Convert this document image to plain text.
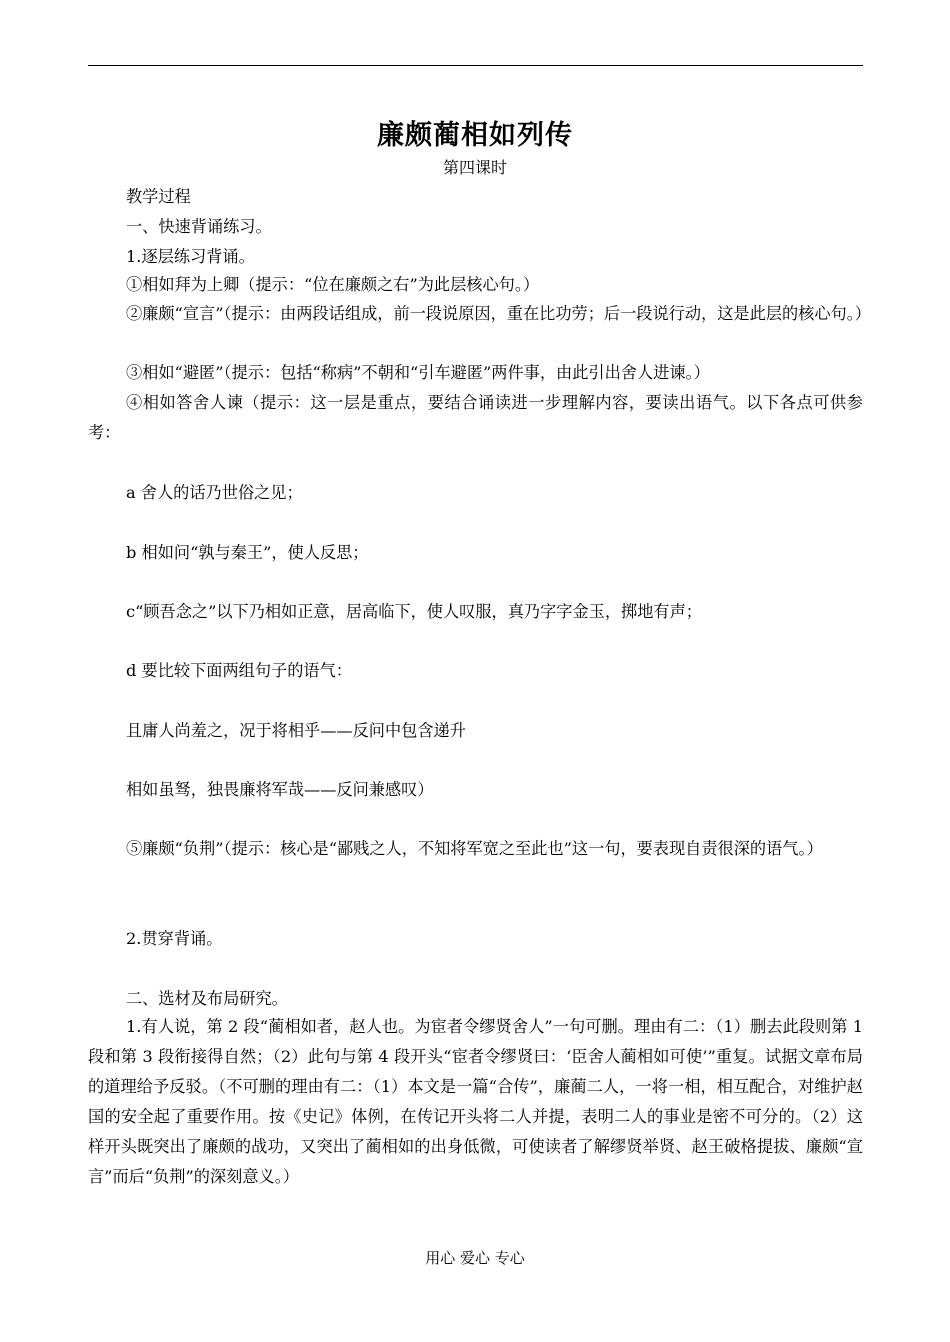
廉颇蔺相如列传
第四课时
教学过程
一、快速背诵练习。
1.逐层练习背诵。
①相如拜为上卿（提示：“位在廉颇之右”为此层核心句。）
②廉颇“宣言”（提示：由两段话组成，前一段说原因，重在比功劳；后一段说行动，这是此层的核心句。）
③相如“避匿”（提示：包括“称病”不朝和“引车避匿”两件事，由此引出舍人进谏。）
④相如答舍人谏（提示：这一层是重点，要结合诵读进一步理解内容，要读出语气。以下各点可供参考：
a 舍人的话乃世俗之见；
b 相如问“孰与秦王”，使人反思；
c“顾吾念之”以下乃相如正意，居高临下，使人叹服，真乃字字金玉，掷地有声；
d 要比较下面两组句子的语气：
且庸人尚羞之，况于将相乎——反问中包含递升
相如虽驽，独畏廉将军哉——反问兼感叹）
⑤廉颇“负荆”（提示：核心是“鄙贱之人，不知将军宽之至此也”这一句，要表现自责很深的语气。）
2.贯穿背诵。
二、选材及布局研究。
1.有人说，第 2 段“蔺相如者，赵人也。为宦者令缪贤舍人”一句可删。理由有二：（1）删去此段则第 1 段和第 3 段衔接得自然；（2）此句与第 4 段开头“宦者令缪贤曰：‘臣舍人蔺相如可使’”重复。试据文章布局的道理给予反驳。（不可删的理由有二：（1）本文是一篇“合传”，廉蔺二人，一将一相，相互配合，对维护赵国的安全起了重要作用。按《史记》体例，在传记开头将二人并提，表明二人的事业是密不可分的。（2）这样开头既突出了廉颇的战功，又突出了蔺相如的出身低微，可使读者了解缪贤举贤、赵王破格提拔、廉颇“宣言”而后“负荆”的深刻意义。）
用心 爱心 专心
